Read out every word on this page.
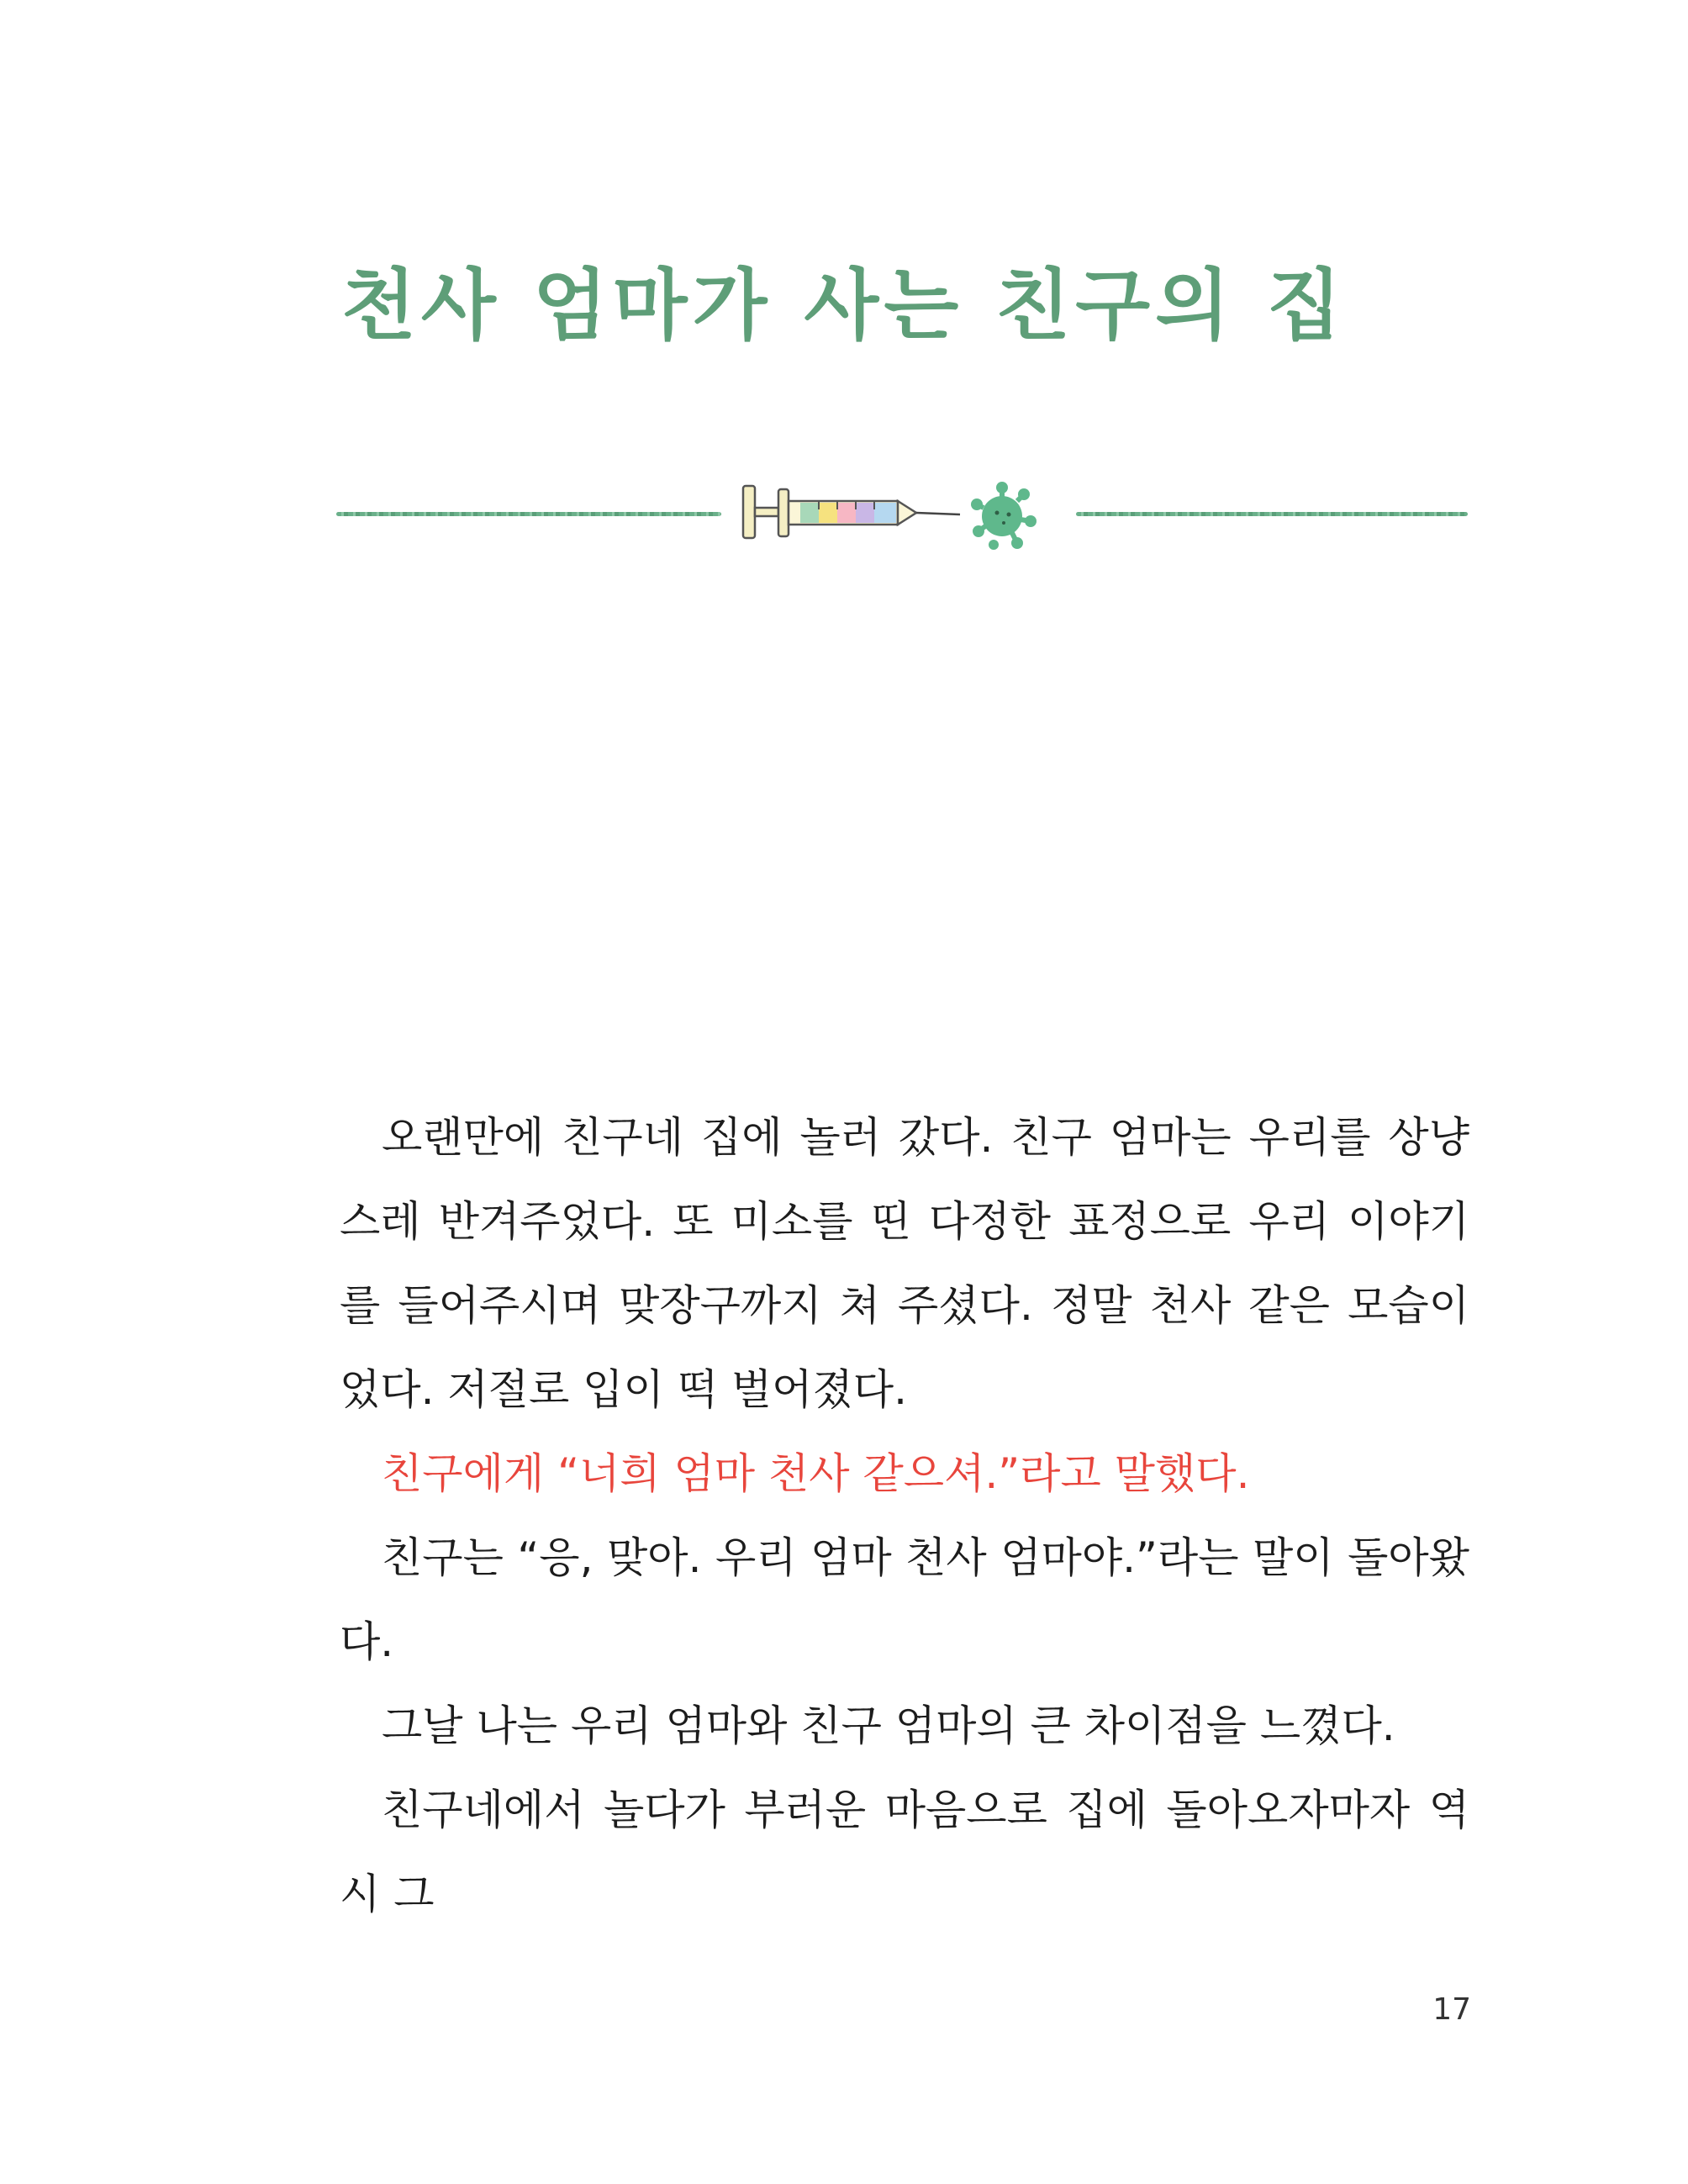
천사 엄마가 사는 친구의 집

오랜만에 친구네 집에 놀러 갔다. 친구 엄마는 우리를 상냥스레 반겨주었다. 또 미소를 띤 다정한 표정으로 우리 이야기를 들어주시며 맞장구까지 쳐 주셨다. 정말 천사 같은 모습이었다. 저절로 입이 떡 벌어졌다.

친구에게 “너희 엄마 천사 같으셔.”라고 말했다.

친구는 “응, 맞아. 우리 엄마 천사 엄마야.”라는 말이 돌아왔다.

그날 나는 우리 엄마와 친구 엄마의 큰 차이점을 느꼈다.

친구네에서 놀다가 부러운 마음으로 집에 돌아오자마자 역시 그

17
